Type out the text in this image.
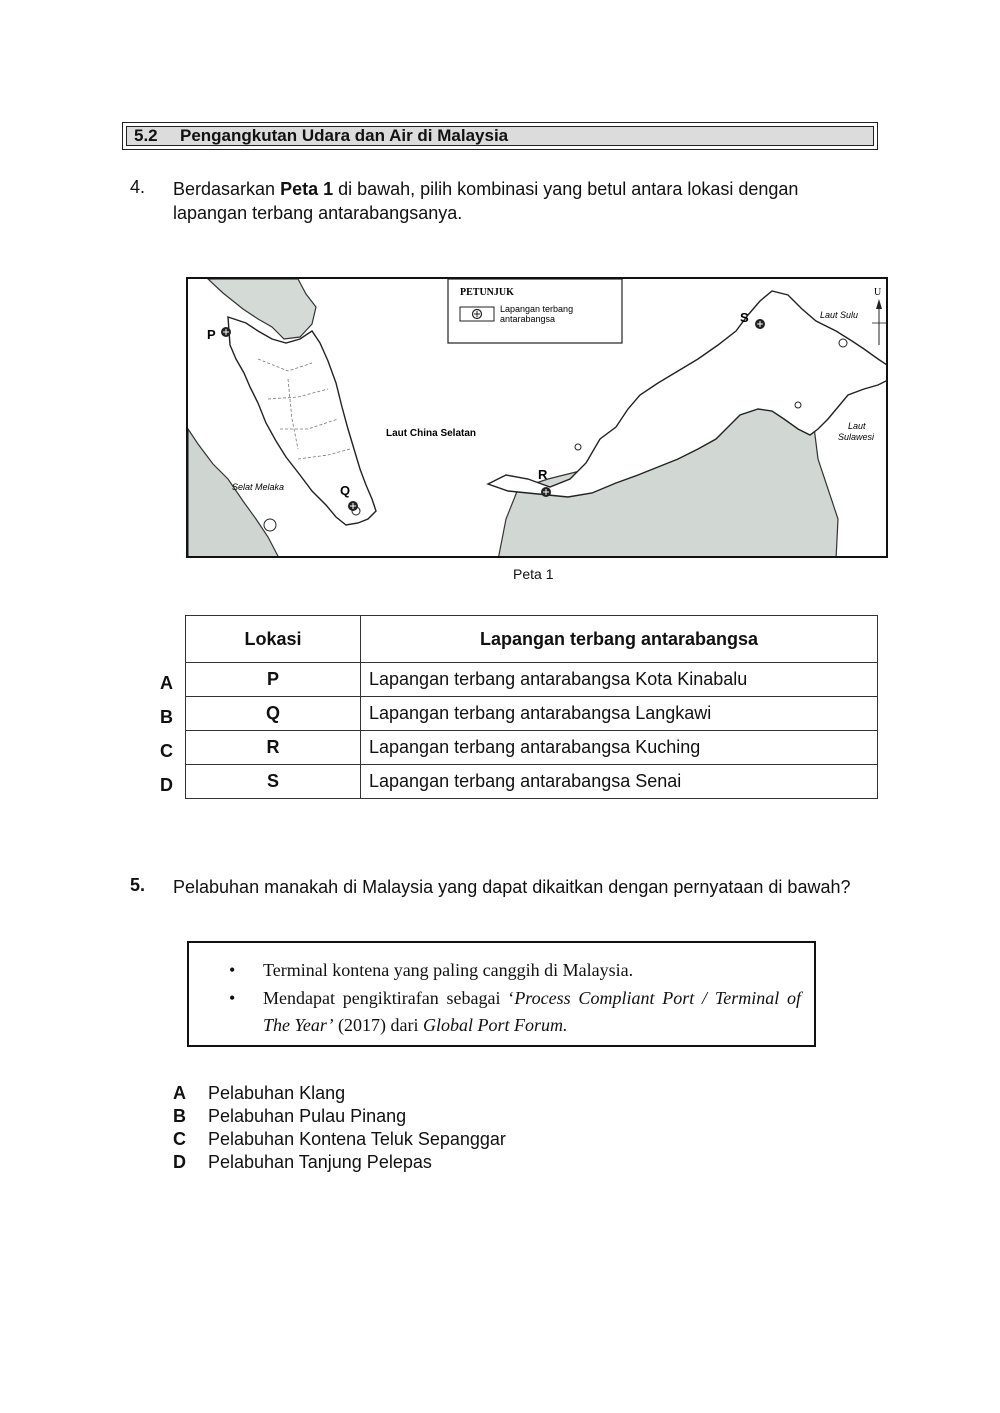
5.2 Pengangkutan Udara dan Air di Malaysia
4. Berdasarkan Peta 1 di bawah, pilih kombinasi yang betul antara lokasi dengan lapangan terbang antarabangsanya.
PETUNJUK
Lapangan terbang
antarabangsa
U
Laut China Selatan
Selat Melaka
Laut Sulu
Laut
Sulawesi
P
Q
R
S
Peta 1
Lokasi	Lapangan terbang antarabangsa
P	Lapangan terbang antarabangsa Kota Kinabalu
Q	Lapangan terbang antarabangsa Langkawi
R	Lapangan terbang antarabangsa Kuching
S	Lapangan terbang antarabangsa Senai
A
B
C
D
5. Pelabuhan manakah di Malaysia yang dapat dikaitkan dengan pernyataan di bawah?
• Terminal kontena yang paling canggih di Malaysia.
• Mendapat pengiktirafan sebagai ‘Process Compliant Port / Terminal of The Year’ (2017) dari Global Port Forum.
A Pelabuhan Klang
B Pelabuhan Pulau Pinang
C Pelabuhan Kontena Teluk Sepanggar
D Pelabuhan Tanjung Pelepas
